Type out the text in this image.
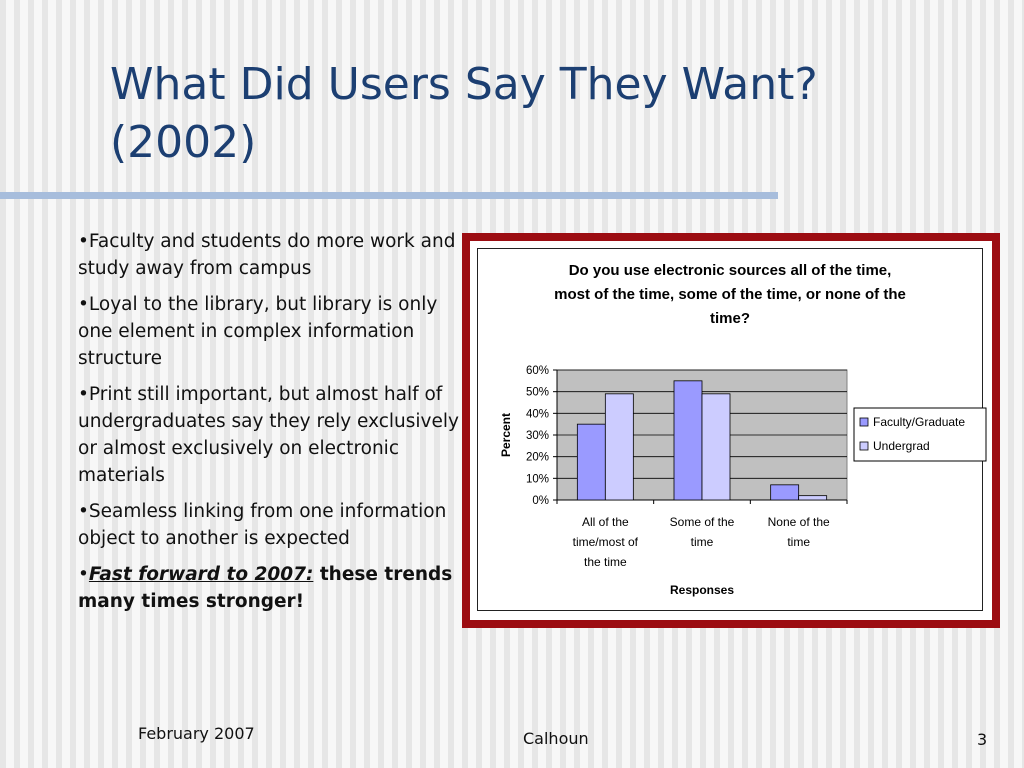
What Did Users Say They Want?
(2002)
•Faculty and students do more work and study away from campus
•Loyal to the library, but library is only one element in complex information structure
•Print still important, but almost half of undergraduates say they rely exclusively or almost exclusively on electronic materials
•Seamless linking from one information object to another is expected
•Fast forward to 2007: these trends many times stronger!
Do you use electronic sources all of the time,
most of the time, some of the time, or none of the
time?
0%
10%
20%
30%
40%
50%
60%
All of the
time/most of
the time
Some of the
time
None of the
time
Responses
Percent	Faculty/Graduate
Undergrad
February 2007	Calhoun	3
